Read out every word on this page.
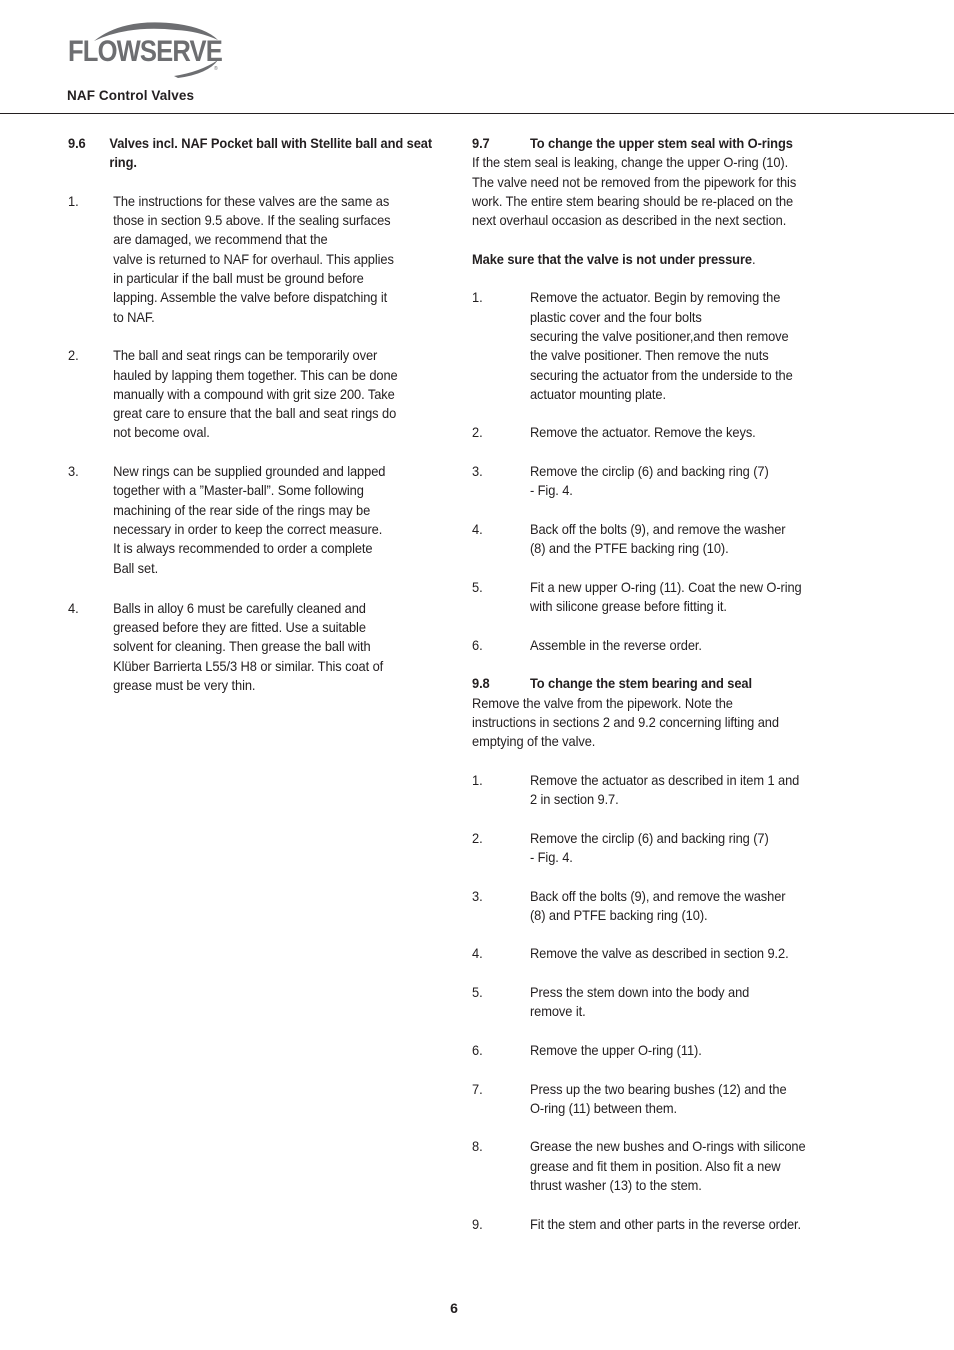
FLOWSERVE
®
NAF Control Valves
9.6	Valves incl. NAF Pocket ball with Stellite ball and seat ring.
1.	The instructions for these valves are the same as
those in section 9.5 above. If the sealing surfaces
are damaged, we recommend that the
valve is returned to NAF for overhaul. This applies
in particular if the ball must be ground before
lapping. Assemble the valve before dispatching it
to NAF.
2.	The ball and seat rings can be temporarily over
hauled by lapping them together. This can be done
manually with a compound with grit size 200. Take
great care to ensure that the ball and seat rings do
not become oval.
3.	New rings can be supplied grounded and lapped
together with a ”Master-ball”. Some following
machining of the rear side of the rings may be
necessary in order to keep the correct measure.
It is always recommended to order a complete
Ball set.
4.	Balls in alloy 6 must be carefully cleaned and
greased before they are fitted. Use a suitable
solvent for cleaning. Then grease the ball with
Klüber Barrierta L55/3 H8 or similar. This coat of
grease must be very thin.
9.7	To change the upper stem seal with O-rings
If the stem seal is leaking, change the upper O-ring (10).
The valve need not be removed from the pipework for this
work. The entire stem bearing should be re-placed on the
next overhaul occasion as described in the next section.
Make sure that the valve is not under pressure.
1.	Remove the actuator. Begin by removing the
plastic cover and the four bolts
securing the valve positioner,and then remove
the valve positioner. Then remove the nuts
securing the actuator from the underside to the
actuator mounting plate.
2.	Remove the actuator. Remove the keys.
3.	Remove the circlip (6) and backing ring (7)
- Fig. 4.
4.	Back off the bolts (9), and remove the washer
(8) and the PTFE backing ring (10).
5.	Fit a new upper O-ring (11). Coat the new O-ring
with silicone grease before fitting it.
6.	Assemble in the reverse order.
9.8	To change the stem bearing and seal
Remove the valve from the pipework. Note the
instructions in sections 2 and 9.2 concerning lifting and
emptying of the valve.
1.	Remove the actuator as described in item 1 and
2 in section 9.7.
2.	Remove the circlip (6) and backing ring (7)
- Fig. 4.
3.	Back off the bolts (9), and remove the washer
(8) and PTFE backing ring (10).
4.	Remove the valve as described in section 9.2.
5.	Press the stem down into the body and
remove it.
6.	Remove the upper O-ring (11).
7.	Press up the two bearing bushes (12) and the
O-ring (11) between them.
8.	Grease the new bushes and O-rings with silicone
grease and fit them in position. Also fit a new
thrust washer (13) to the stem.
9.	Fit the stem and other parts in the reverse order.
6
